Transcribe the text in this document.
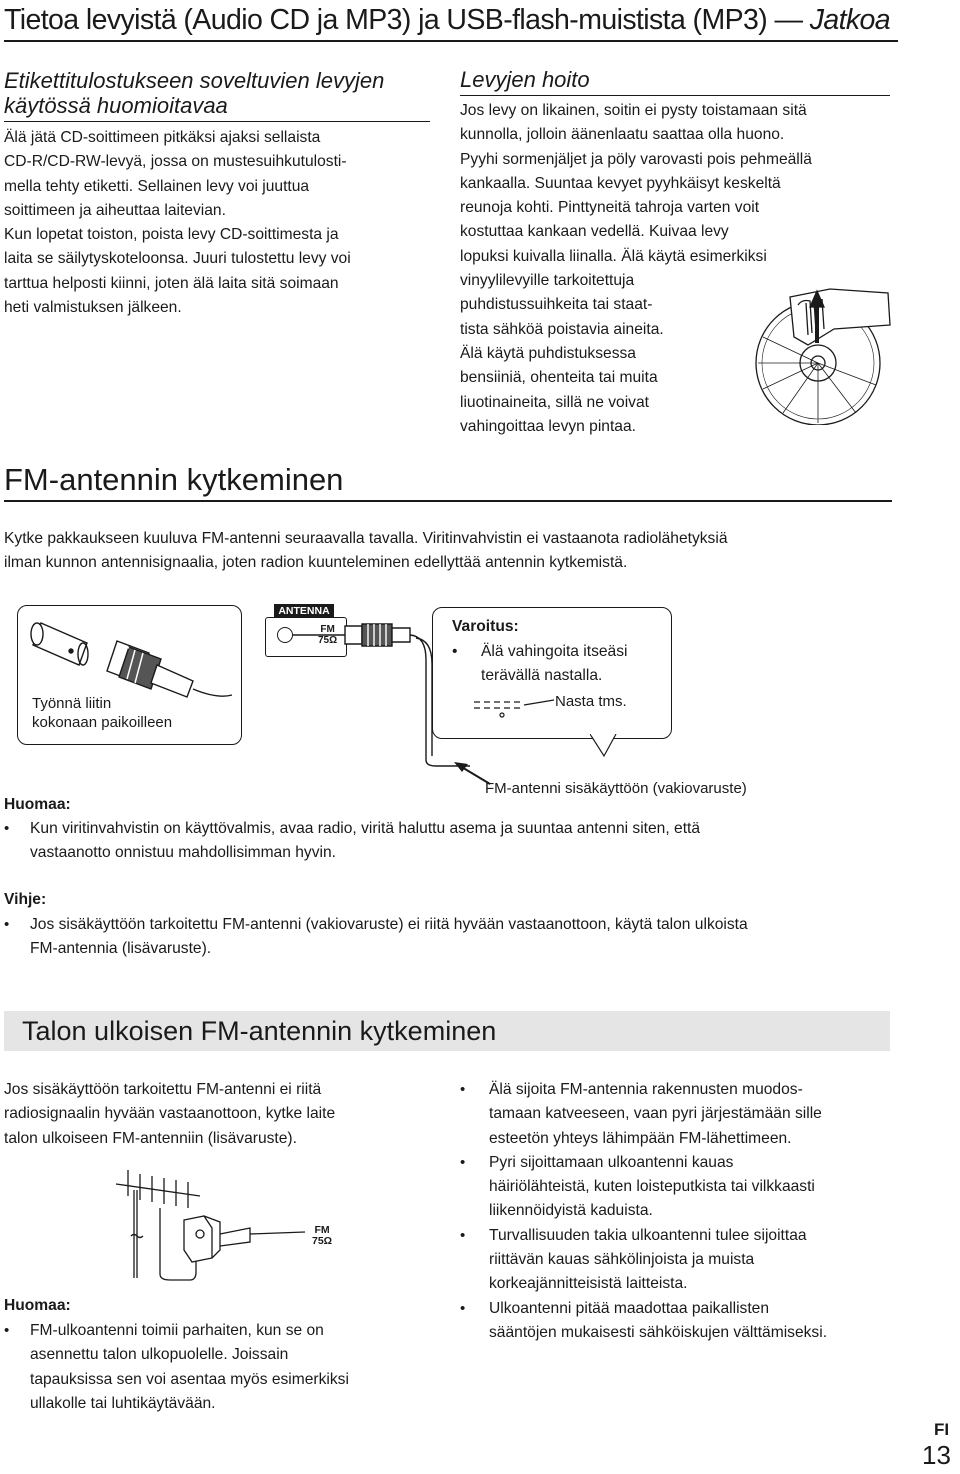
Tietoa levyistä (Audio CD ja MP3) ja USB-flash-muistista (MP3) — Jatkoa
Etikettitulostukseen soveltuvien levyjen käytössä huomioitavaa

Älä jätä CD-soittimeen pitkäksi ajaksi sellaista

CD-R/CD-RW-levyä, jossa on mustesuihkutulosti-

mella tehty etiketti. Sellainen levy voi juuttua

soittimeen ja aiheuttaa laitevian.

Kun lopetat toiston, poista levy CD-soittimesta ja

laita se säilytyskoteloonsa. Juuri tulostettu levy voi

tarttua helposti kiinni, joten älä laita sitä soimaan

heti valmistuksen jälkeen.

Levyjen hoito

Jos levy on likainen, soitin ei pysty toistamaan sitä

kunnolla, jolloin äänenlaatu saattaa olla huono.

Pyyhi sormenjäljet ja pöly varovasti pois pehmeällä

kankaalla. Suuntaa kevyet pyyhkäisyt keskeltä

reunoja kohti. Pinttyneitä tahroja varten voit

kostuttaa kankaan vedellä. Kuivaa levy

lopuksi kuivalla liinalla. Älä käytä esimerkiksi

vinyylilevyille tarkoitettuja

puhdistussuihkeita tai staat-

tista sähköä poistavia aineita.

Älä käytä puhdistuksessa

bensiiniä, ohenteita tai muita

liuotinaineita, sillä ne voivat

vahingoittaa levyn pintaa.

FM-antennin kytkeminen

Kytke pakkaukseen kuuluva FM-antenni seuraavalla tavalla. Viritinvahvistin ei vastaanota radiolähetyksiä

ilman kunnon antennisignaalia, joten radion kuunteleminen edellyttää antennin kytkemistä.

Työnnä liitin
kokonaan paikoilleen
ANTENNA
FM
75Ω
Varoitus:
• Älä vahingoita itseäsi
terävällä nastalla.
Nasta tms.
FM-antenni sisäkäyttöön (vakiovaruste)
Huomaa:
• Kun viritinvahvistin on käyttövalmis, avaa radio, viritä haluttu asema ja suuntaa antenni siten, että

vastaanotto onnistuu mahdollisimman hyvin.

Vihje:
• Jos sisäkäyttöön tarkoitettu FM-antenni (vakiovaruste) ei riitä hyvään vastaanottoon, käytä talon ulkoista

FM-antennia (lisävaruste).

Talon ulkoisen FM-antennin kytkeminen

Jos sisäkäyttöön tarkoitettu FM-antenni ei riitä

radiosignaalin hyvään vastaanottoon, kytke laite

talon ulkoiseen FM-antenniin (lisävaruste).

FM
75Ω
Huomaa:
• FM-ulkoantenni toimii parhaiten, kun se on

asennettu talon ulkopuolelle. Joissain

tapauksissa sen voi asentaa myös esimerkiksi

ullakolle tai luhtikäytävään.

• Älä sijoita FM-antennia rakennusten muodos-

tamaan katveeseen, vaan pyri järjestämään sille

esteetön yhteys lähimpään FM-lähettimeen.

• Pyri sijoittamaan ulkoantenni kauas

häiriölähteistä, kuten loisteputkista tai vilkkaasti

liikennöidyistä kaduista.

• Turvallisuuden takia ulkoantenni tulee sijoittaa

riittävän kauas sähkölinjoista ja muista

korkeajännitteisistä laitteista.

• Ulkoantenni pitää maadottaa paikallisten

sääntöjen mukaisesti sähköiskujen välttämiseksi.

FI
13
